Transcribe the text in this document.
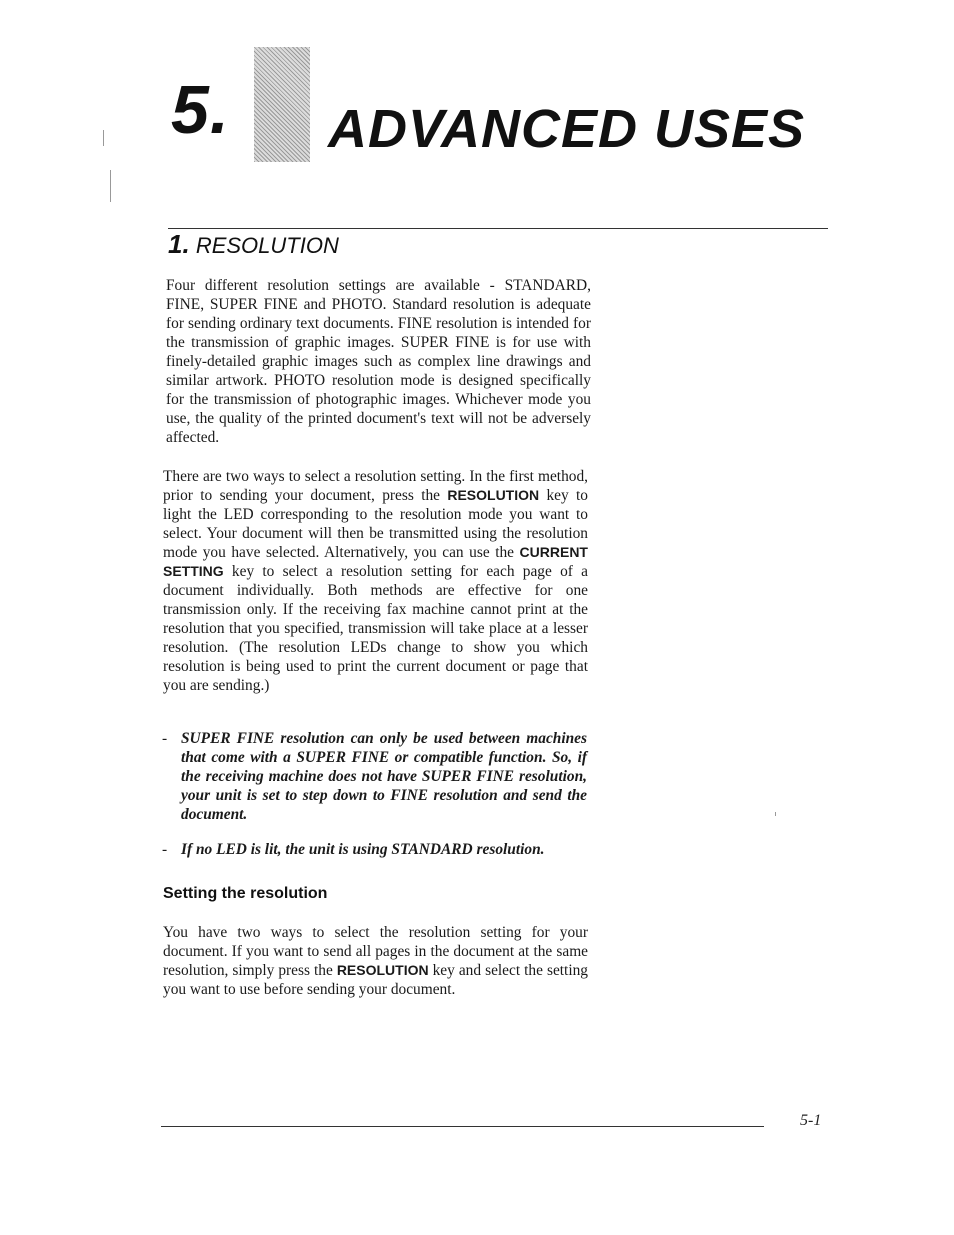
5. ADVANCED USES
1. RESOLUTION

Four different resolution settings are available - STANDARD, FINE, SUPER FINE and PHOTO. Standard resolution is adequate for sending ordinary text documents. FINE resolution is intended for the transmission of graphic images. SUPER FINE is for use with finely-detailed graphic images such as complex line drawings and similar artwork. PHOTO resolution mode is designed specifically for the transmission of photographic images. Whichever mode you use, the quality of the printed document's text will not be adversely affected.

There are two ways to select a resolution setting. In the first method, prior to sending your document, press the RESOLUTION key to light the LED corresponding to the resolution mode you want to select. Your document will then be transmitted using the resolution mode you have selected. Alternatively, you can use the CURRENT SETTING key to select a resolution setting for each page of a document individually. Both methods are effective for one transmission only. If the receiving fax machine cannot print at the resolution that you specified, transmission will take place at a lesser resolution. (The resolution LEDs change to show you which resolution is being used to print the current document or page that you are sending.)

- SUPER FINE resolution can only be used between machines that come with a SUPER FINE or compatible function. So, if the receiving machine does not have SUPER FINE resolution, your unit is set to step down to FINE resolution and send the document.
- If no LED is lit, the unit is using STANDARD resolution.
Setting the resolution

You have two ways to select the resolution setting for your document. If you want to send all pages in the document at the same resolution, simply press the RESOLUTION key and select the setting you want to use before sending your document.

5-1
